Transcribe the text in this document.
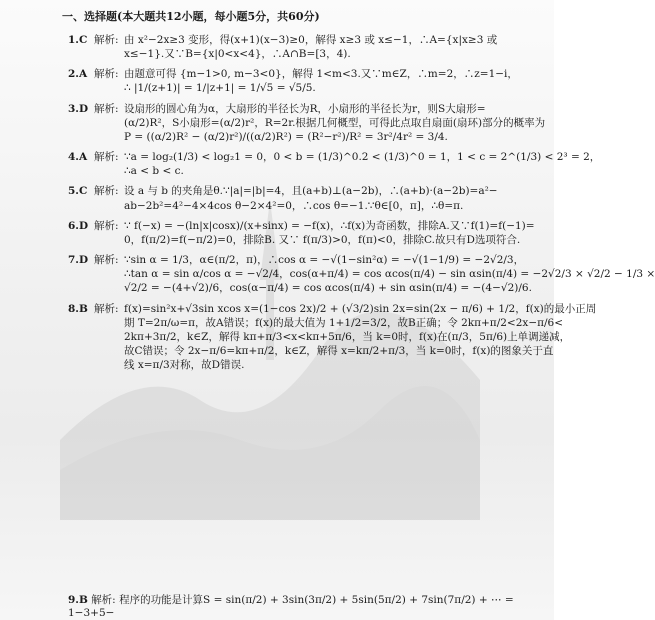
一、选择题(本大题共12小题，每小题5分，共60分)
1.C 解析: 由 x²−2x≥3 变形，得(x+1)(x−3)≥0，解得 x≥3 或 x≤−1，∴A={x|x≥3 或
x≤−1}.又∵B={x|0<x<4}，∴A∩B=[3，4).
2.A 解析: 由题意可得 {m−1>0, m−3<0}，解得 1<m<3.又∵m∈Z，∴m=2，∴z=1−i，
∴ |1/(z+1)| = 1/|z+1| = 1/√5 = √5/5.
3.D 解析: 设扇形的圆心角为α，大扇形的半径长为R，小扇形的半径长为r，则S大扇形=
(α/2)R²，S小扇形=(α/2)r²，R=2r.根据几何概型，可得此点取自扇面(扇环)部分的概率为
P = ((α/2)R² − (α/2)r²)/((α/2)R²) = (R²−r²)/R² = 3r²/4r² = 3/4.
4.A 解析: ∵a = log₂(1/3) < log₂1 = 0，0 < b = (1/3)^0.2 < (1/3)^0 = 1，1 < c = 2^(1/3) < 2³ = 2，
∴a < b < c.
5.C 解析: 设 a 与 b 的夹角是θ.∵|a|=|b|=4，且(a+b)⊥(a−2b)，∴(a+b)·(a−2b)=a²−
ab−2b²=4²−4×4cos θ−2×4²=0，∴cos θ=−1.∵θ∈[0，π]，∴θ=π.
6.D 解析: ∵ f(−x) = −(ln|x|cosx)/(x+sinx) = −f(x)，∴f(x)为奇函数，排除A.又∵f(1)=f(−1)=
0，f(π/2)=f(−π/2)=0，排除B. 又∵ f(π/3)>0，f(π)<0，排除C.故只有D选项符合.
7.D 解析: ∵sin α = 1/3，α∈(π/2，π)，∴cos α = −√(1−sin²α) = −√(1−1/9) = −2√2/3，
∴tan α = sin α/cos α = −√2/4，cos(α+π/4) = cos αcos(π/4) − sin αsin(π/4) = −2√2/3 × √2/2 − 1/3 ×
√2/2 = −(4+√2)/6，cos(α−π/4) = cos αcos(π/4) + sin αsin(π/4) = −(4−√2)/6.
8.B 解析: f(x)=sin²x+√3sin xcos x=(1−cos 2x)/2 + (√3/2)sin 2x=sin(2x − π/6) + 1/2，f(x)的最小正周
期 T=2π/ω=π，故A错误；f(x)的最大值为 1+1/2=3/2，故B正确；令 2kπ+π/2<2x−π/6<
2kπ+3π/2，k∈Z，解得 kπ+π/3<x<kπ+5π/6，当 k=0时，f(x)在(π/3，5π/6)上单调递减，
故C错误；令 2x−π/6=kπ+π/2，k∈Z，解得 x=kπ/2+π/3，当 k=0时，f(x)的图象关于直
线 x=π/3对称，故D错误.
9.B 解析: 程序的功能是计算S = sin(π/2) + 3sin(3π/2) + 5sin(5π/2) + 7sin(7π/2) + ⋯ = 1−3+5−
